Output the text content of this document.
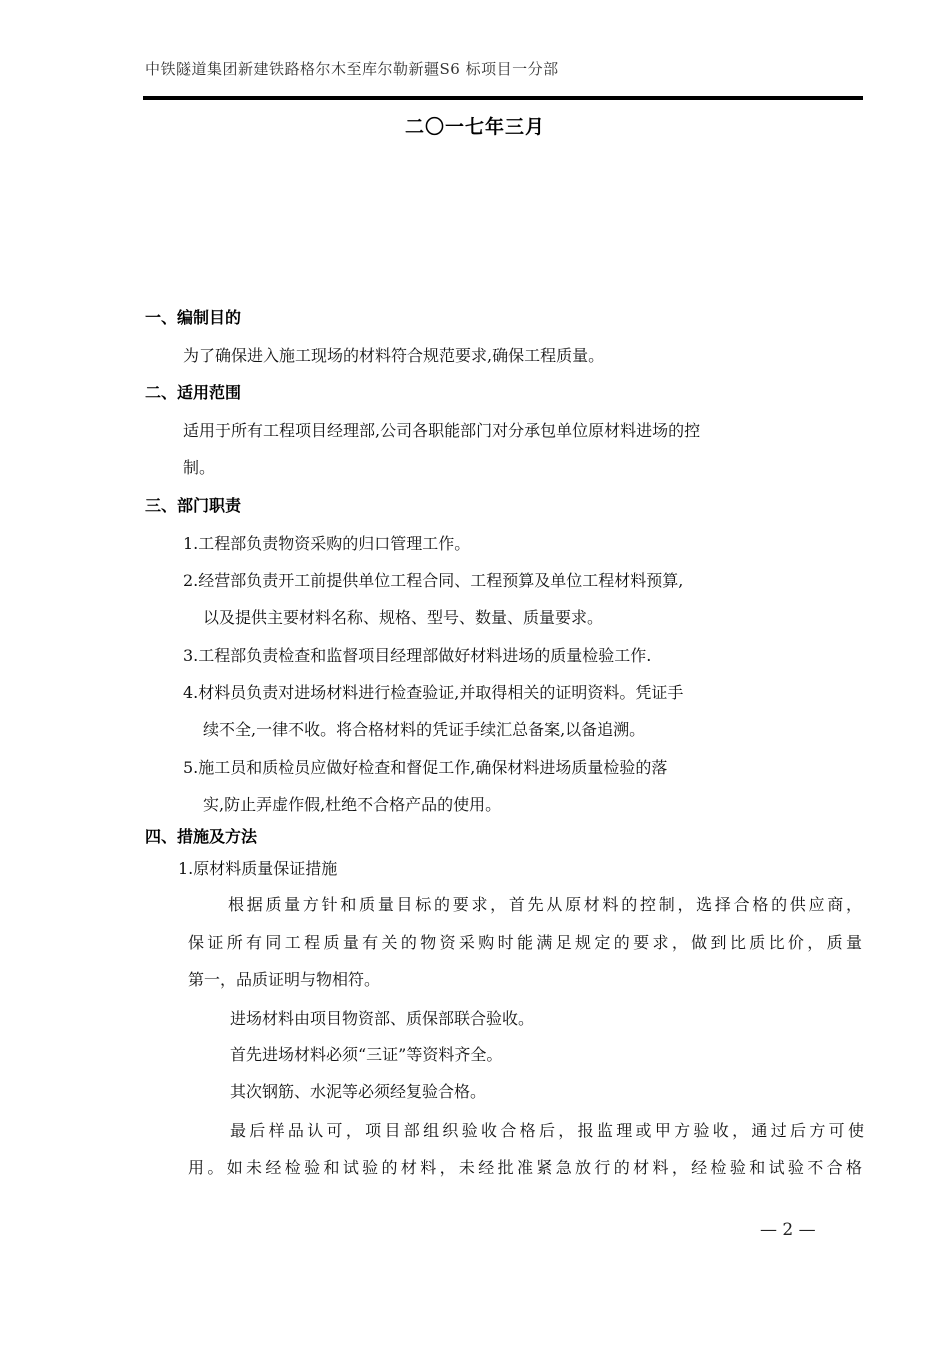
中铁隧道集团新建铁路格尔木至库尔勒新疆S6 标项目一分部
二〇一七年三月
一、编制目的
为了确保进入施工现场的材料符合规范要求,确保工程质量。
二、适用范围
适用于所有工程项目经理部,公司各职能部门对分承包单位原材料进场的控
制。
三、部门职责
1.工程部负责物资采购的归口管理工作。
2.经营部负责开工前提供单位工程合同、工程预算及单位工程材料预算,
以及提供主要材料名称、规格、型号、数量、质量要求。
3.工程部负责检查和监督项目经理部做好材料进场的质量检验工作.
4.材料员负责对进场材料进行检查验证,并取得相关的证明资料。凭证手
续不全,一律不收。将合格材料的凭证手续汇总备案,以备追溯。
5.施工员和质检员应做好检查和督促工作,确保材料进场质量检验的落
实,防止弄虚作假,杜绝不合格产品的使用。
四、措施及方法
1.原材料质量保证措施
根据质量方针和质量目标的要求，首先从原材料的控制，选择合格的供应商，
保证所有同工程质量有关的物资采购时能满足规定的要求，做到比质比价，质量
第一，品质证明与物相符。
进场材料由项目物资部、质保部联合验收。
首先进场材料必须“三证”等资料齐全。
其次钢筋、水泥等必须经复验合格。
最后样品认可，项目部组织验收合格后，报监理或甲方验收，通过后方可使
用。如未经检验和试验的材料，未经批准紧急放行的材料，经检验和试验不合格
— 2 —
